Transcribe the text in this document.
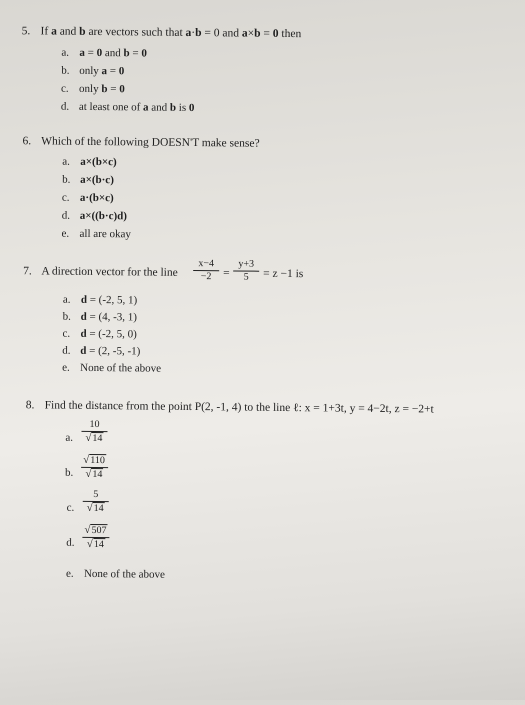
5. If a and b are vectors such that a·b = 0 and a×b = 0 then
a. a = 0 and b = 0
b. only a = 0
c. only b = 0
d. at least one of a and b is 0
6. Which of the following DOESN'T make sense?
a. a×(b×c)
b. a×(b·c)
c. a·(b×c)
d. a×((b·c)d)
e. all are okay
7. A direction vector for the line $\frac{x-4}{-2} = \frac{y+3}{5} = z -1$ is
a. d = (-2, 5, 1)
b. d = (4, -3, 1)
c. d = (-2, 5, 0)
d. d = (2, -5, -1)
e. None of the above
8. Find the distance from the point P(2, -1, 4) to the line ℓ: x = 1+3t, y = 4−2t, z = −2+t
a. $\frac{10}{√14}$
b. $\frac{√110}{√14}$
c. $\frac{5}{√14}$
d. $\frac{√507}{√14}$
e. None of the above
